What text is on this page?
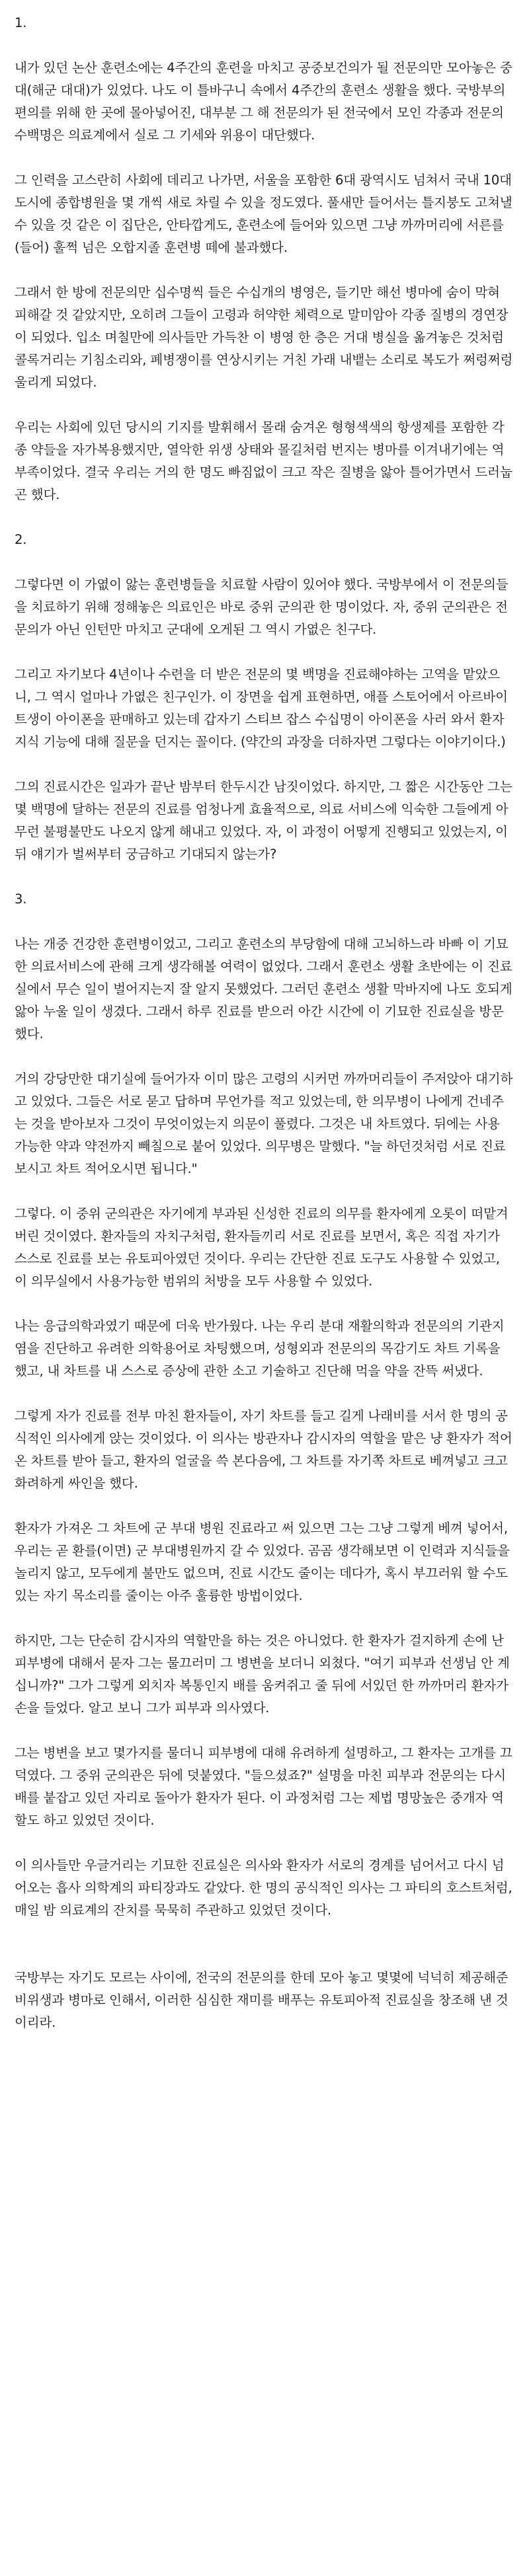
1.

내가 있던 논산 훈련소에는 4주간의 훈련을 마치고 공중보건의가 될 전문의만 모아놓은 중대(해군 대대)가 있었다. 나도 이 틀바구니 속에서 4주간의 훈련소 생활을 했다. 국방부의 편의를 위해 한 곳에 몰아넣어진, 대부분 그 해 전문의가 된 전국에서 모인 각종과 전문의 수백명은 의료계에서 실로 그 기세와 위용이 대단했다.

그 인력을 고스란히 사회에 데리고 나가면, 서울을 포함한 6대 광역시도 넘쳐서 국내 10대 도시에 종합병원을 몇 개씩 새로 차릴 수 있을 정도였다. 풀새만 들어서는 틀지붕도 고쳐낼 수 있을 것 같은 이 집단은, 안타깝게도, 훈련소에 들어와 있으면 그냥 까까머리에 서른를(들어) 훌쩍 넘은 오합지졸 훈련병 떼에 불과했다.

그래서 한 방에 전문의만 십수명씩 들은 수십개의 병영은, 들기만 해선 병마에 숨이 막혀 피해갈 것 같았지만, 오히려 그들이 고령과 허약한 체력으로 말미암아 각종 질병의 경연장이 되었다. 입소 며칠만에 의사들만 가득찬 이 병영 한 층은 거대 병실을 옮겨놓은 것처럼 콜록거리는 기침소리와, 폐병쟁이를 연상시키는 거친 가래 내뱉는 소리로 복도가 쩌렁쩌렁 울리게 되었다.

우리는 사회에 있던 당시의 기지를 발휘해서 몰래 숨겨온 형형색색의 항생제를 포함한 각종 약들을 자가복용했지만, 열악한 위생 상태와 몰길처럼 번지는 병마를 이겨내기에는 역부족이었다. 결국 우리는 거의 한 명도 빠짐없이 크고 작은 질병을 앓아 틀어가면서 드러눕곤 했다.

2.

그렇다면 이 가엾이 앓는 훈련병들을 치료할 사람이 있어야 했다. 국방부에서 이 전문의들을 치료하기 위해 정해놓은 의료인은 바로 중위 군의관 한 명이었다. 자, 중위 군의관은 전문의가 아닌 인턴만 마치고 군대에 오게된 그 역시 가엾은 친구다.

그리고 자기보다 4년이나 수련을 더 받은 전문의 몇 백명을 진료해야하는 고역을 맡았으니, 그 역시 얼마나 가엾은 친구인가. 이 장면을 쉽게 표현하면, 애플 스토어에서 아르바이트생이 아이폰을 판매하고 있는데 갑자기 스티브 잡스 수십명이 아이폰을 사러 와서 환자지식 기능에 대해 질문을 던지는 꼴이다. (약간의 과장을 더하자면 그렇다는 이야기이다.)

그의 진료시간은 일과가 끝난 밤부터 한두시간 남짓이었다. 하지만, 그 짧은 시간동안 그는 몇 백명에 달하는 전문의 진료를 엄청나게 효율적으로, 의료 서비스에 익숙한 그들에게 아무런 불평불만도 나오지 않게 해내고 있었다. 자, 이 과정이 어떻게 진행되고 있었는지, 이 뒤 얘기가 벌써부터 궁금하고 기대되지 않는가?

3.

나는 개중 건강한 훈련병이었고, 그리고 훈련소의 부당함에 대해 고뇌하느라 바빠 이 기묘한 의료서비스에 관해 크게 생각해볼 여력이 없었다. 그래서 훈련소 생활 초반에는 이 진료실에서 무슨 일이 벌어지는지 잘 알지 못했었다. 그러던 훈련소 생활 막바지에 나도 호되게 앓아 누울 일이 생겼다. 그래서 하루 진료를 받으러 아간 시간에 이 기묘한 진료실을 방문했다.

거의 강당만한 대기실에 들어가자 이미 많은 고령의 시커먼 까까머리들이 주저앉아 대기하고 있었다. 그들은 서로 묻고 답하며 무언가를 적고 있었는데, 한 의무병이 나에게 건네주는 것을 받아보자 그것이 무엇이었는지 의문이 풀렸다. 그것은 내 차트였다. 뒤에는 사용 가능한 약과 약전까지 빼칠으로 붙어 있었다. 의무병은 말했다. "늘 하던것처럼 서로 진료 보시고 차트 적어오시면 됩니다."

그렇다. 이 중위 군의관은 자기에게 부과된 신성한 진료의 의무를 환자에게 오롯이 떠맡겨버린 것이였다. 환자들의 자치구처럼, 환자들끼리 서로 진료를 보면서, 혹은 직접 자기가 스스로 진료를 보는 유토피아였던 것이다. 우리는 간단한 진료 도구도 사용할 수 있었고, 이 의무실에서 사용가능한 범위의 처방을 모두 사용할 수 있었다.

나는 응급의학과였기 때문에 더욱 반가웠다. 나는 우리 분대 재활의학과 전문의의 기관지염을 진단하고 유려한 의학용어로 차팅했으며, 성형외과 전문의의 목감기도 차트 기록을 했고, 내 차트를 내 스스로 증상에 관한 소고 기술하고 진단해 먹을 약을 잔뜩 써냈다.

그렇게 자가 진료를 전부 마친 환자들이, 자기 차트를 들고 길게 나래비를 서서 한 명의 공식적인 의사에게 앉는 것이었다. 이 의사는 방관자나 감시자의 역할을 맡은 냥 환자가 적어온 차트를 받아 들고, 환자의 얼굴을 쓱 본다음에, 그 차트를 자기쪽 차트로 베껴넣고 크고 화려하게 싸인을 했다.

환자가 가져온 그 차트에 군 부대 병원 진료라고 써 있으면 그는 그냥 그렇게 베껴 넣어서, 우리는 곧 환를(이면) 군 부대병원까지 갈 수 있었다. 곰곰 생각해보면 이 인력과 지식들을 놀리지 않고, 모두에게 불만도 없으며, 진료 시간도 줄이는 데다가, 혹시 부끄러워 할 수도 있는 자기 목소리를 줄이는 아주 훌륭한 방법이었다.

하지만, 그는 단순히 감시자의 역할만을 하는 것은 아니었다. 한 환자가 걸지하게 손에 난 피부병에 대해서 묻자 그는 물끄러미 그 병변을 보더니 외쳤다. "여기 피부과 선생님 안 계십니까?" 그가 그렇게 외치자 복통인지 배를 움켜쥐고 줄 뒤에 서있던 한 까까머리 환자가 손을 들었다. 알고 보니 그가 피부과 의사였다.

그는 병변을 보고 몇가지를 물더니 피부병에 대해 유려하게 설명하고, 그 환자는 고개를 끄덕였다. 그 중위 군의관은 뒤에 덧붙였다. "들으셨죠?" 설명을 마친 피부과 전문의는 다시 배를 붙잡고 있던 자리로 돌아가 환자가 된다. 이 과정처럼 그는 제법 명망높은 중개자 역할도 하고 있었던 것이다.

이 의사들만 우글거리는 기묘한 진료실은 의사와 환자가 서로의 경계를 넘어서고 다시 넘어오는 흡사 의학계의 파티장과도 같았다. 한 명의 공식적인 의사는 그 파티의 호스트처럼, 매일 밤 의료계의 잔치를 묵묵히 주관하고 있었던 것이다.

국방부는 자기도 모르는 사이에, 전국의 전문의를 한데 모아 놓고 몇몇에 넉넉히 제공해준 비위생과 병마로 인해서, 이러한 심심한 재미를 배푸는 유토피아적 진료실을 창조해 낸 것이리라.
